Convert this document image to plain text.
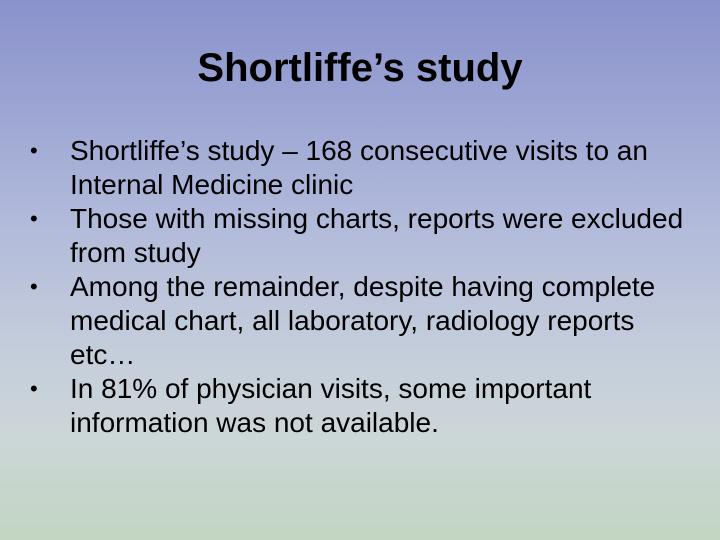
Shortliffe’s study
•	Shortliffe’s study – 168 consecutive visits to an Internal Medicine clinic
•	Those with missing charts, reports were excluded from study
•	Among the remainder, despite having complete medical chart, all laboratory, radiology reports etc…
•	In 81% of physician visits, some important information was not available.
